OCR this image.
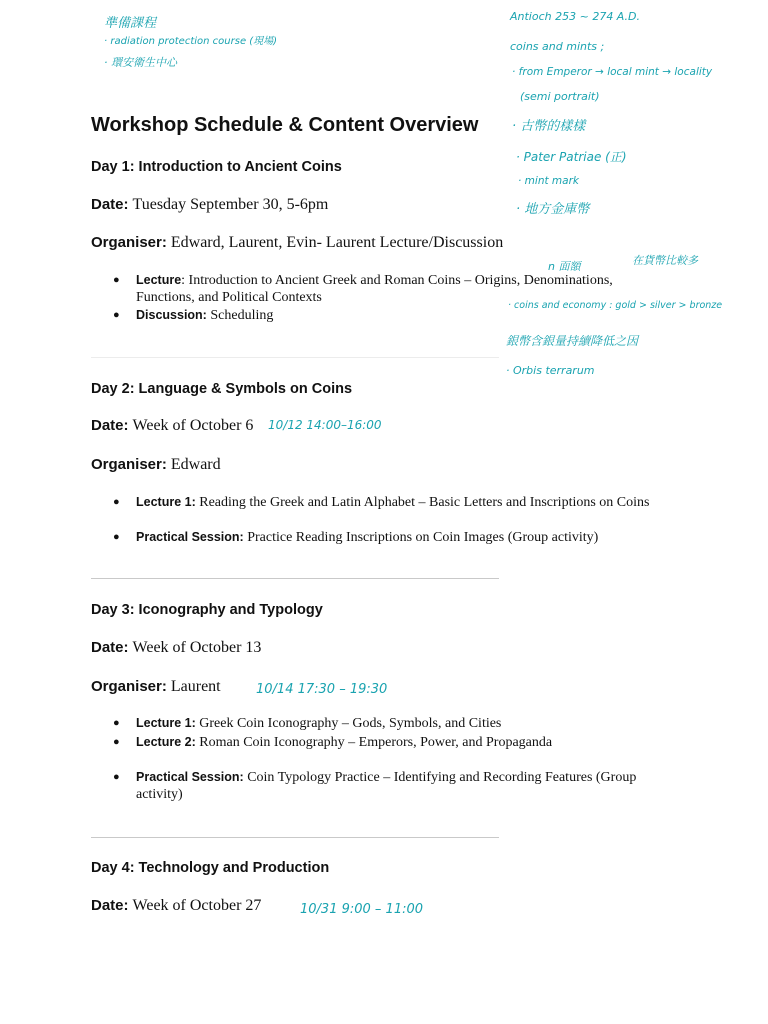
Workshop Schedule & Content Overview
Day 1: Introduction to Ancient Coins
Date: Tuesday September 30, 5-6pm
Organiser: Edward, Laurent, Evin- Laurent Lecture/Discussion
● Lecture: Introduction to Ancient Greek and Roman Coins – Origins, Denominations, Functions, and Political Contexts
● Discussion: Scheduling
Day 2: Language & Symbols on Coins
Date: Week of October 6
Organiser: Edward
● Lecture 1: Reading the Greek and Latin Alphabet – Basic Letters and Inscriptions on Coins
● Practical Session: Practice Reading Inscriptions on Coin Images (Group activity)
Day 3: Iconography and Typology
Date: Week of October 13
Organiser: Laurent
● Lecture 1: Greek Coin Iconography – Gods, Symbols, and Cities
● Lecture 2: Roman Coin Iconography – Emperors, Power, and Propaganda
● Practical Session: Coin Typology Practice – Identifying and Recording Features (Group activity)
Day 4: Technology and Production
Date: Week of October 27
準備課程
· radiation protection course (現場)
· 環安衛生中心
Antioch 253 ~ 274 A.D.
coins and mints ;
· from Emperor → local mint → locality
(semi portrait)
· 古幣的樣樣
· Pater Patriae (正)
· mint mark
· 地方金庫幣
n 面額	在貨幣比較多
· coins and economy : gold > silver > bronze
銀幣含銀量持續降低之因
· Orbis terrarum
10/12 14:00–16:00
10/14 17:30 – 19:30
10/31 9:00 – 11:00
